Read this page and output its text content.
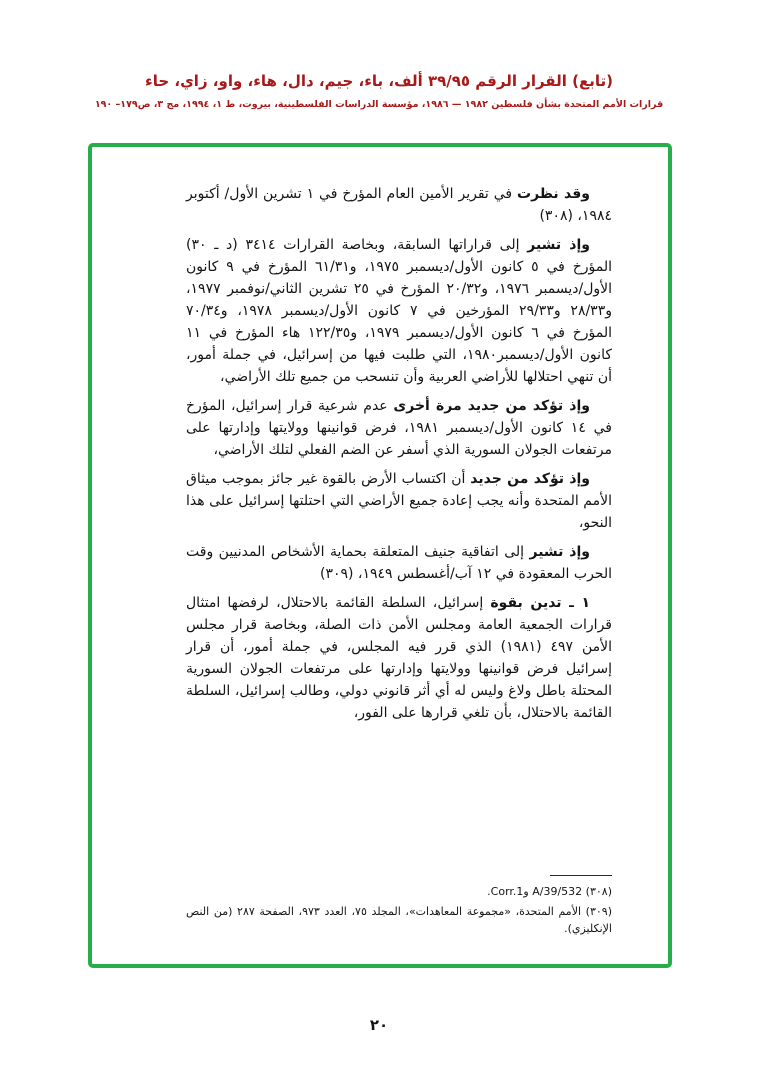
(تابع) القرار الرقم ٣٩/٩٥ ألف، باء، جيم، دال، هاء، واو، زاي، حاء
قرارات الأمم المتحدة بشأن فلسطين ١٩٨٢ — ١٩٨٦، مؤسسة الدراسات الفلسطينية، بيروت، ط ١، ١٩٩٤، مج ٣، ص١٧٩– ١٩٠

وقد نظرت في تقرير الأمين العام المؤرخ في ١ تشرين الأول/ أكتوبر ١٩٨٤، (٣٠٨)

وإذ تشير إلى قراراتها السابقة، وبخاصة القرارات ٣٤١٤ (د ـ ٣٠) المؤرخ في ٥ كانون الأول/ديسمبر ١٩٧٥، و٦١/٣١ المؤرخ في ٩ كانون الأول/ديسمبر ١٩٧٦، و٢٠/٣٢ المؤرخ في ٢٥ تشرين الثاني/نوفمبر ١٩٧٧، و٢٨/٣٣ و٢٩/٣٣ المؤرخين في ٧ كانون الأول/ديسمبر ١٩٧٨، و٧٠/٣٤ المؤرخ في ٦ كانون الأول/ديسمبر ١٩٧٩، و١٢٢/٣٥ هاء المؤرخ في ١١ كانون الأول/ديسمبر١٩٨٠، التي طلبت فيها من إسرائيل، في جملة أمور، أن تنهي احتلالها للأراضي العربية وأن تنسحب من جميع تلك الأراضي،

وإذ تؤكد من جديد مرة أخرى عدم شرعية قرار إسرائيل، المؤرخ في ١٤ كانون الأول/ديسمبر ١٩٨١، فرض قوانينها وولايتها وإدارتها على مرتفعات الجولان السورية الذي أسفر عن الضم الفعلي لتلك الأراضي،

وإذ تؤكد من جديد أن اكتساب الأرض بالقوة غير جائز بموجب ميثاق الأمم المتحدة وأنه يجب إعادة جميع الأراضي التي احتلتها إسرائيل على هذا النحو،

وإذ تشير إلى اتفاقية جنيف المتعلقة بحماية الأشخاص المدنيين وقت الحرب المعقودة في ١٢ آب/أغسطس ١٩٤٩، (٣٠٩)

١ ـ تدين بقوة إسرائيل، السلطة القائمة بالاحتلال، لرفضها امتثال قرارات الجمعية العامة ومجلس الأمن ذات الصلة، وبخاصة قرار مجلس الأمن ٤٩٧ (١٩٨١) الذي قرر فيه المجلس، في جملة أمور، أن قرار إسرائيل فرض قوانينها وولايتها وإدارتها على مرتفعات الجولان السورية المحتلة باطل ولاغ وليس له أي أثر قانوني دولي، وطالب إسرائيل، السلطة القائمة بالاحتلال، بأن تلغي قرارها على الفور،

(٣٠٨) A/39/532 وCorr.1.

(٣٠٩) الأمم المتحدة، «مجموعة المعاهدات»، المجلد ٧٥، العدد ٩٧٣، الصفحة ٢٨٧ (من النص الإنكليزي).

٢٠
